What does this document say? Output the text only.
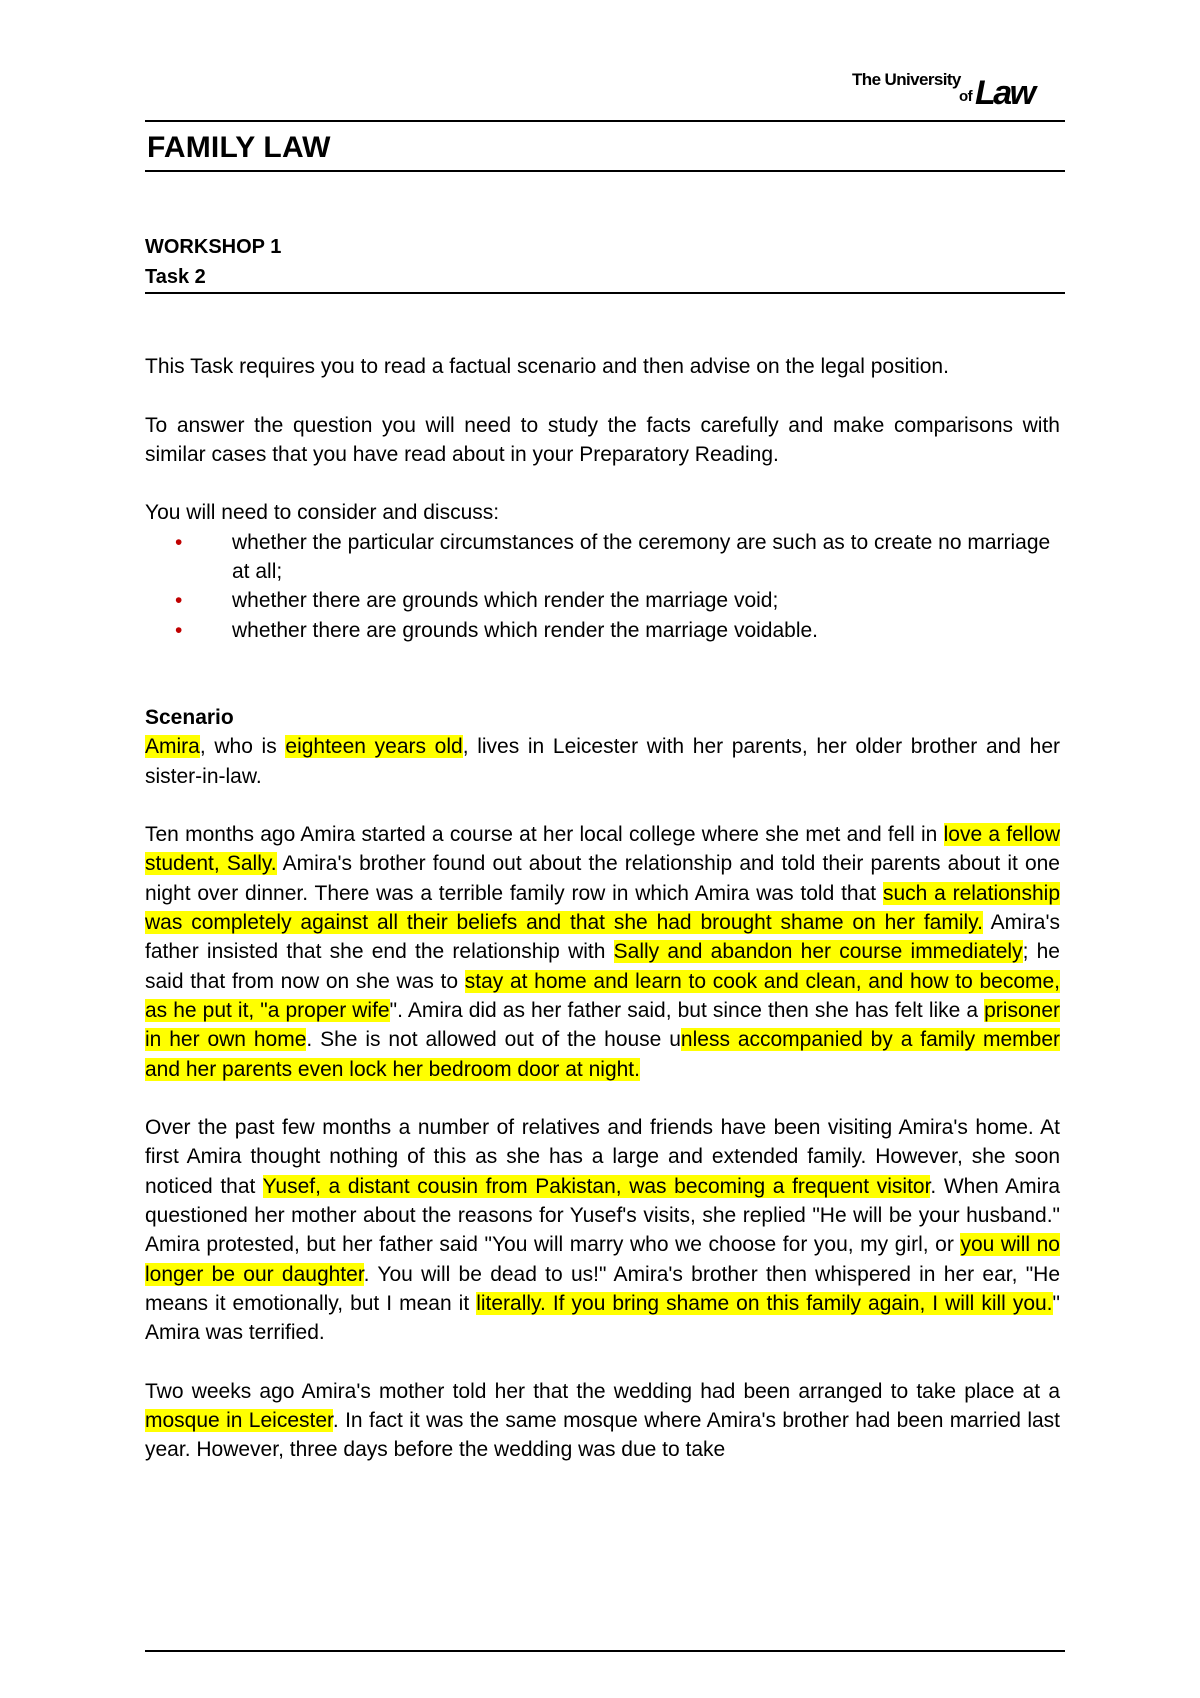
The University
of Law
FAMILY LAW
WORKSHOP 1
Task 2

This Task requires you to read a factual scenario and then advise on the legal position.

To answer the question you will need to study the facts carefully and make comparisons with similar cases that you have read about in your Preparatory Reading.

You will need to consider and discuss:

• whether the particular circumstances of the ceremony are such as to create no marriage at all;
• whether there are grounds which render the marriage void;
• whether there are grounds which render the marriage voidable.
Scenario

Amira, who is eighteen years old, lives in Leicester with her parents, her older brother and her sister-in-law.

Ten months ago Amira started a course at her local college where she met and fell in love a fellow student, Sally. Amira's brother found out about the relationship and told their parents about it one night over dinner. There was a terrible family row in which Amira was told that such a relationship was completely against all their beliefs and that she had brought shame on her family. Amira's father insisted that she end the relationship with Sally and abandon her course immediately; he said that from now on she was to stay at home and learn to cook and clean, and how to become, as he put it, "a proper wife". Amira did as her father said, but since then she has felt like a prisoner in her own home. She is not allowed out of the house unless accompanied by a family member and her parents even lock her bedroom door at night.

Over the past few months a number of relatives and friends have been visiting Amira's home. At first Amira thought nothing of this as she has a large and extended family. However, she soon noticed that Yusef, a distant cousin from Pakistan, was becoming a frequent visitor. When Amira questioned her mother about the reasons for Yusef's visits, she replied "He will be your husband." Amira protested, but her father said "You will marry who we choose for you, my girl, or you will no longer be our daughter. You will be dead to us!" Amira's brother then whispered in her ear, "He means it emotionally, but I mean it literally. If you bring shame on this family again, I will kill you." Amira was terrified.

Two weeks ago Amira's mother told her that the wedding had been arranged to take place at a mosque in Leicester. In fact it was the same mosque where Amira's brother had been married last year. However, three days before the wedding was due to take
